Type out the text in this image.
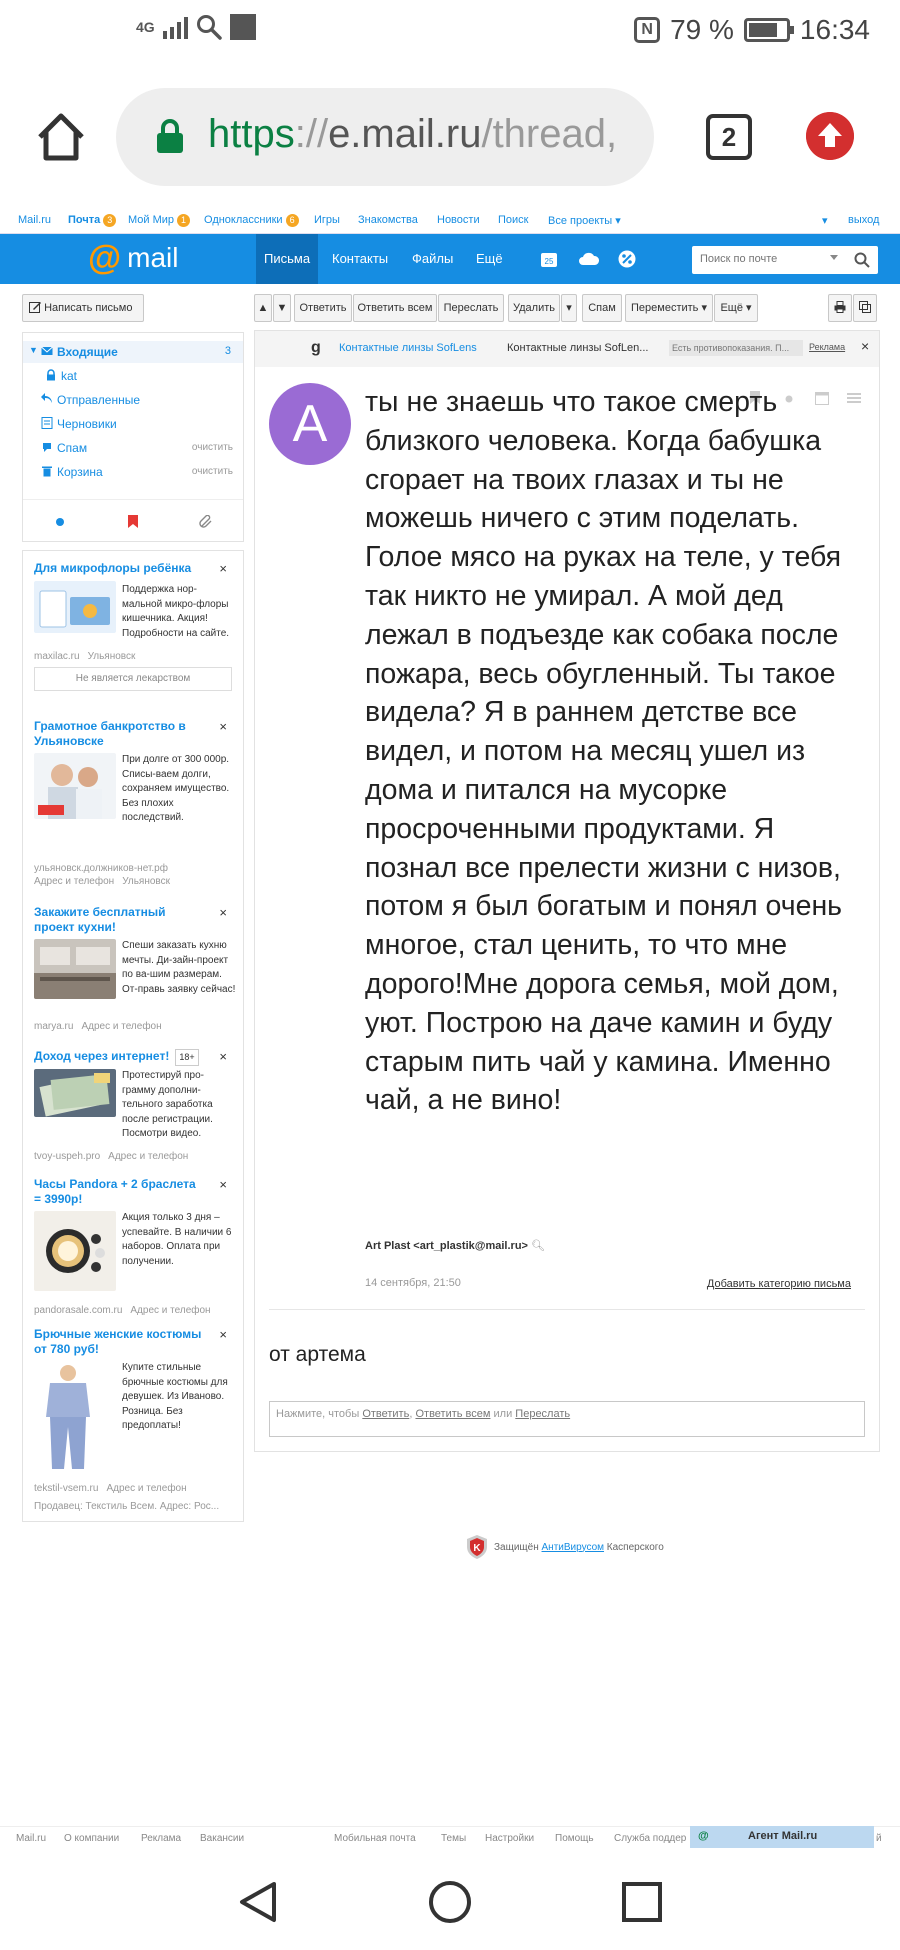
4G	N 79 % 16:34
https://e.mail.ru/thread,	2
Mail.ru Почта 3	Мой Мир 1	Одноклассники 6	Игры Знакомства Новости Поиск Все проекты ▾	▾ выход
@ mail	Письма	Контакты	Файлы	Ещё	25
Поиск по почте
Написать письмо	▲ ▼	Ответить Ответить всем	Переслать	Удалить	▾	Спам	Переместить ▾	Ещё ▾
▼ Входящие	3
kat
Отправленные
Черновики
Спам	очистить
Корзина	очистить
Для микрофлоры ребёнка	×
Поддержка нор-мальной микро-флоры кишечника. Акция! Подробности на сайте.
maxilac.ru Ульяновск
Не является лекарством
Грамотное банкротство в Ульяновске
×
При долге от 300 000р. Списы-ваем долги, сохраняем имущество. Без плохих последствий.
ульяновск.должников-нет.рф
Адрес и телефон Ульяновск
Закажите бесплатный проект кухни!
×
Спеши заказать кухню мечты. Ди-зайн-проект по ва-шим размерам. От-правь заявку сейчас!
marya.ru Адрес и телефон
Доход через интернет! 18+	×
Протестируй про-грамму дополни-тельного заработка после регистрации. Посмотри видео.
tvoy-uspeh.pro Адрес и телефон
Часы Pandora + 2 браслета = 3990р!
×
Акция только 3 дня – успевайте. В наличии 6 наборов. Оплата при получении.
pandorasale.com.ru Адрес и телефон
Брючные женские костюмы от 780 руб!
×
Купите стильные брючные костюмы для девушек. Из Иваново. Розница. Без предоплаты!
tekstil-vsem.ru Адрес и телефон
Продавец: Текстиль Всем. Адрес: Рос...
g Контактные линзы SofLens	Контактные линзы SofLen...	Есть противопоказания. П...	Реклама ×
A	ты не знаешь что такое смерть близкого человека. Когда бабушка сгорает на твоих глазах и ты не можешь ничего с этим поделать. Голое мясо на руках на теле, у тебя так никто не умирал. А мой дед лежал в подъезде как собака после пожара, весь обугленный. Ты такое видела? Я в раннем детстве все видел, и потом на месяц ушел из дома и питался на мусорке просроченными продуктами. Я познал все прелести жизни с низов, потом я был богатым и понял очень многое, стал ценить, то что мне дорого!Мне дорога семья, мой дом, уют. Построю на даче камин и буду старым пить чай у камина. Именно чай, а не вино!
Art Plast <art_plastik@mail.ru> 🔍︎
14 сентября, 21:50	Добавить категорию письма
от артема
Нажмите, чтобы Ответить, Ответить всем или Переслать
K Защищён АнтиВирусом Касперского
Mail.ru О компании Реклама Вакансии	Мобильная почта	Темы Настройки Помощь Служба поддер	й
@	Агент Mail.ru
